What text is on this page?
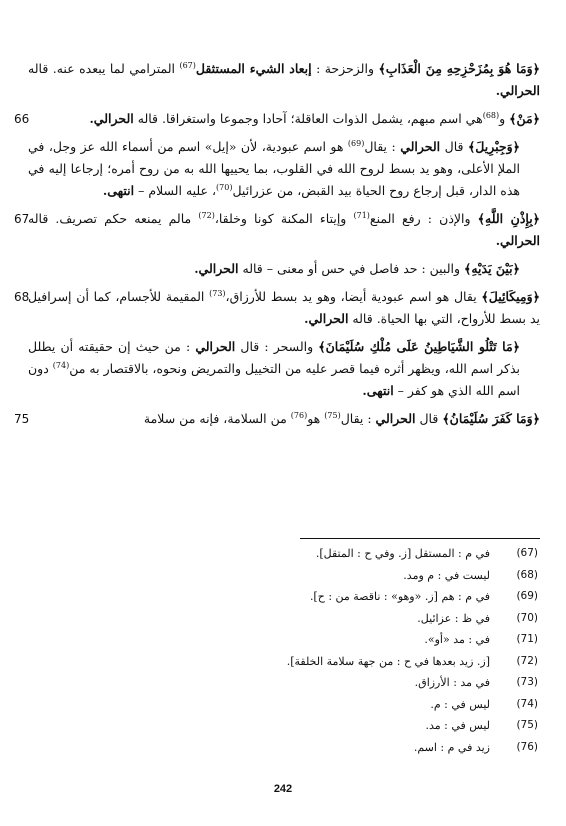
﴿وَمَا هُوَ بِمُزَحْزِحِهِ مِنَ الْعَذَابِ﴾ والزحزحة : إبعاد الشيء المستثقل$^{(67)}$ المترامي لما يبعده عنه. قاله الحرالي.
66	﴿مَنْ﴾ و$^{(68)}$هي اسم مبهم، يشمل الذوات العاقلة؛ آحادا وجموعا واستغراقا. قاله الحرالي.
﴿وَجِبْرِيلَ﴾ قال الحرالي : يقال$^{(69)}$ هو اسم عبودية، لأن «إيل» اسم من أسماء الله عز وجل، في الملإ الأعلى، وهو يد بسط لروح الله في القلوب، بما يحييها الله به من روح أمره؛ إرجاعا إليه في هذه الدار، قبل إرجاع روح الحياة بيد القبض، من عزرائيل$^{(70)}$، عليه السلام – انتهى.
67	﴿بِإِذْنِ اللَّهِ﴾ والإذن : رفع المنع$^{(71)}$ وإيتاء المكنة كونا وخلقا،$^{(72)}$ مالم يمنعه حكم تصريف. قاله الحرالي.
﴿بَيْنَ يَدَيْهِ﴾ والبين : حد فاصل في حس أو معنى – قاله الحرالي.
68	﴿وَمِيكَائِيلَ﴾ يقال هو اسم عبودية أيضا، وهو يد بسط للأرزاق،$^{(73)}$ المقيمة للأجسام، كما أن إسرافيل يد بسط للأرواح، التي بها الحياة. قاله الحرالي.
﴿مَا تَتْلُو الشَّيَاطِينُ عَلَى مُلْكِ سُلَيْمَانَ﴾ والسحر : قال الحرالي : من حيث إن حقيقته أن يطلل بذكر اسم الله، ويظهر أثره فيما قصر عليه من التخييل والتمريض ونحوه، بالاقتصار به من$^{(74)}$ دون اسم الله الذي هو كفر – انتهى.
75	﴿وَمَا كَفَرَ سُلَيْمَانُ﴾ قال الحرالي : يقال$^{(75)}$ هو$^{(76)}$ من السلامة، فإنه من سلامة
(67)
في م : المستقل [ز. وفي ح : المتقل].
(68)
ليست في : م ومد.
(69)
في م : هم [ز. «وهو» : ناقصة من : ح].
(70)
في ظ : عزائيل.
(71)
في : مد «أو».
(72)
[ز. زيد بعدها في ح : من جهة سلامة الخلقة].
(73)
في مد : الأرزاق.
(74)
ليس في : م.
(75)
ليس في : مد.
(76)
زيد في م : اسم.
242
